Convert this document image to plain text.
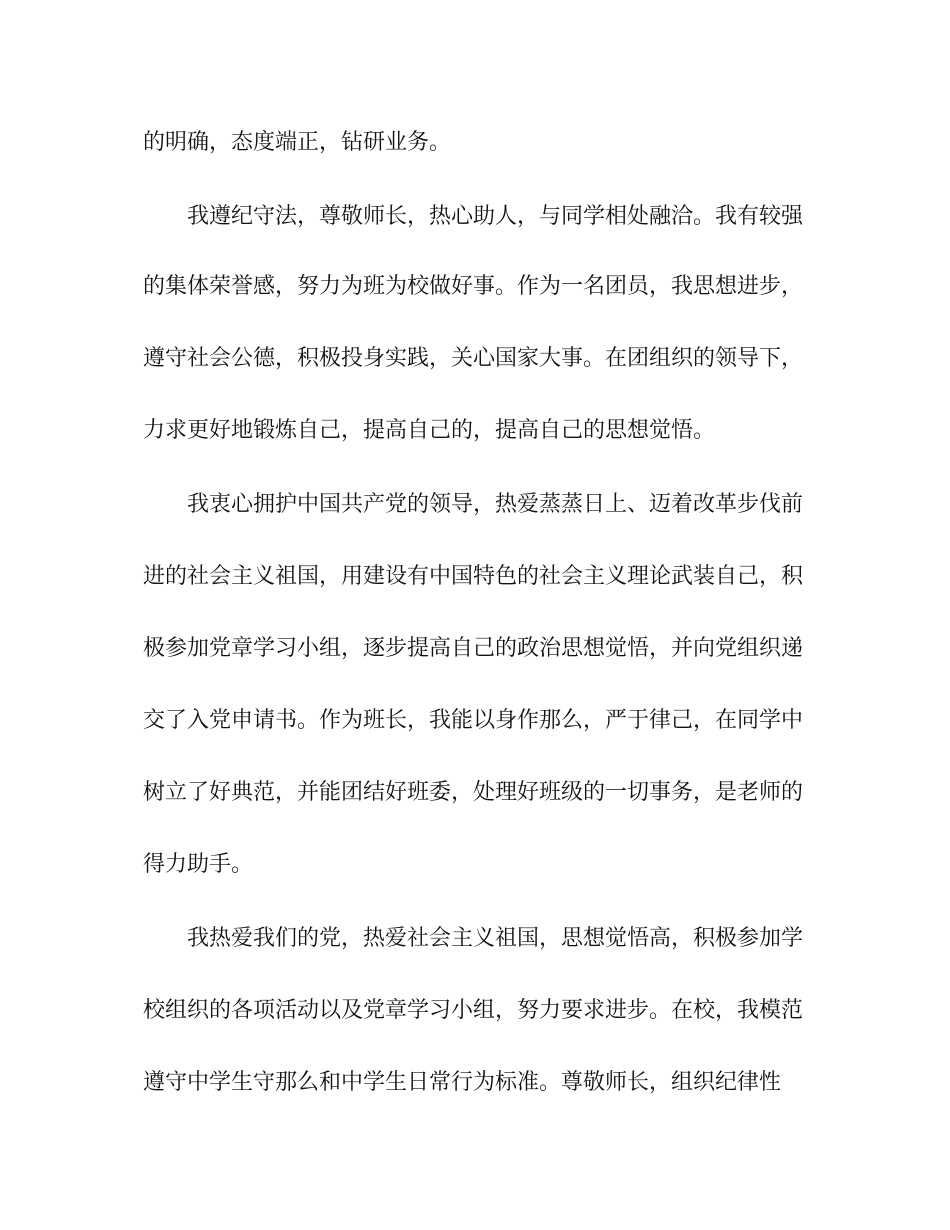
的明确，态度端正，钻研业务。
我遵纪守法，尊敬师长，热心助人，与同学相处融洽。我有较强
的集体荣誉感，努力为班为校做好事。作为一名团员，我思想进步，
遵守社会公德，积极投身实践，关心国家大事。在团组织的领导下，
力求更好地锻炼自己，提高自己的，提高自己的思想觉悟。
我衷心拥护中国共产党的领导，热爱蒸蒸日上、迈着改革步伐前
进的社会主义祖国，用建设有中国特色的社会主义理论武装自己，积
极参加党章学习小组，逐步提高自己的政治思想觉悟，并向党组织递
交了入党申请书。作为班长，我能以身作那么，严于律己，在同学中
树立了好典范，并能团结好班委，处理好班级的一切事务，是老师的
得力助手。
我热爱我们的党，热爱社会主义祖国，思想觉悟高，积极参加学
校组织的各项活动以及党章学习小组，努力要求进步。在校，我模范
遵守中学生守那么和中学生日常行为标准。尊敬师长，组织纪律性
